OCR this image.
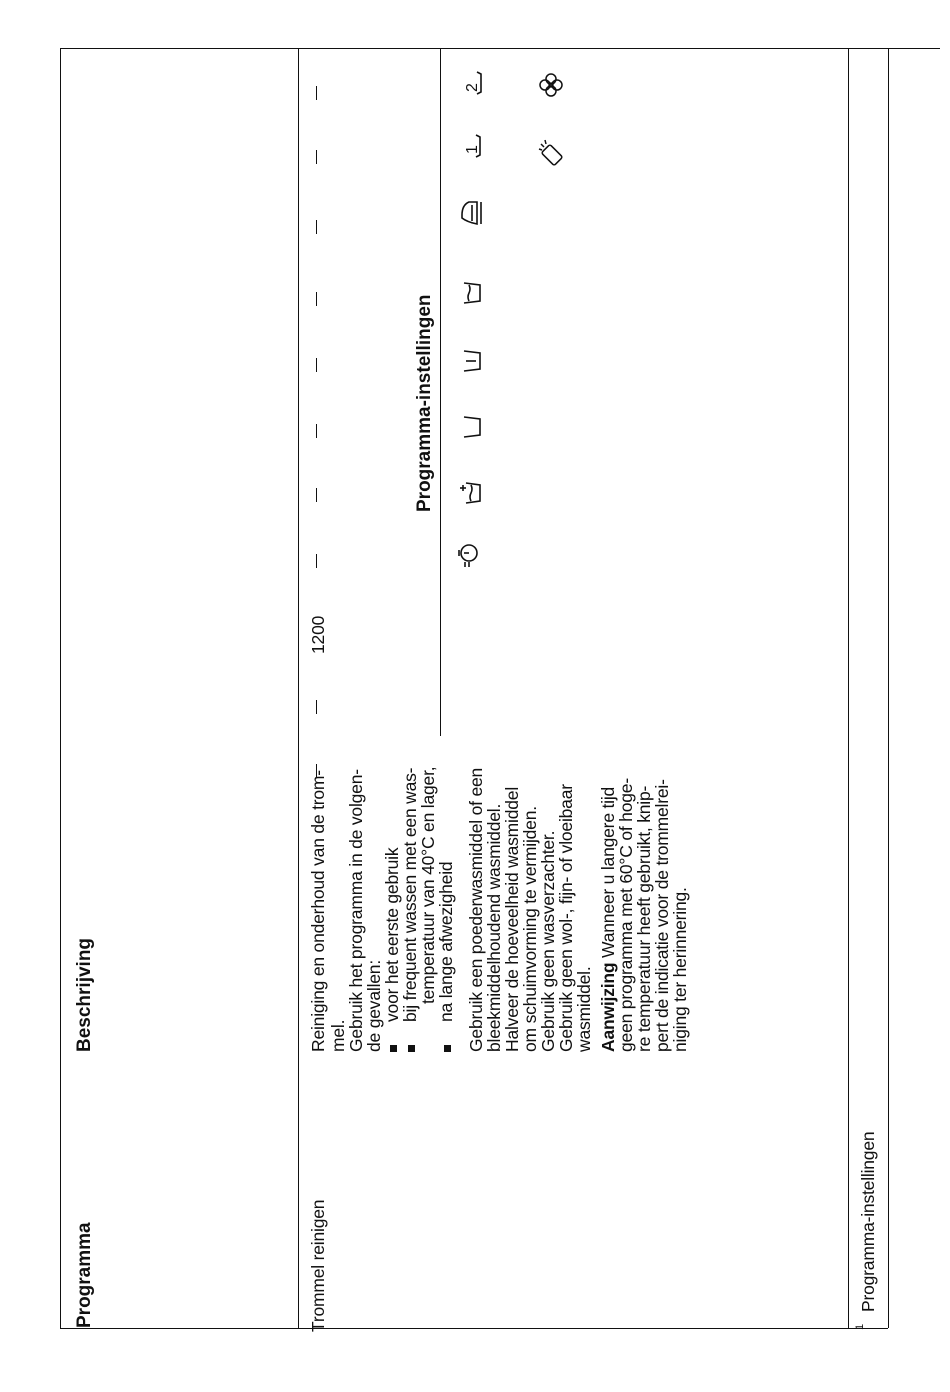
Programma
Beschrijving
Programma-instellingen
1
2
Trommel reinigen
1200
Reiniging en onderhoud van de trom- mel.
Gebruik het programma in de volgen-
de gevallen:
voor het eerste gebruik
bij frequent wassen met een was-
temperatuur van 40°C en lager,
na lange afwezigheid Gebruik een poederwasmiddel of een
bleekmiddelhoudend wasmiddel.
Halveer de hoeveelheid wasmiddel
om schuimvorming te vermijden.
Gebruik geen wasverzachter.
Gebruik geen wol-, fijn- of vloeibaar
wasmiddel. Aanwijzing Wanneer u langere tijd
geen programma met 60°C of hoge-
re temperatuur heeft gebruikt, knip-
pert de indicatie voor de trommelrei-
niging ter herinnering.
1
Programma-instellingen
